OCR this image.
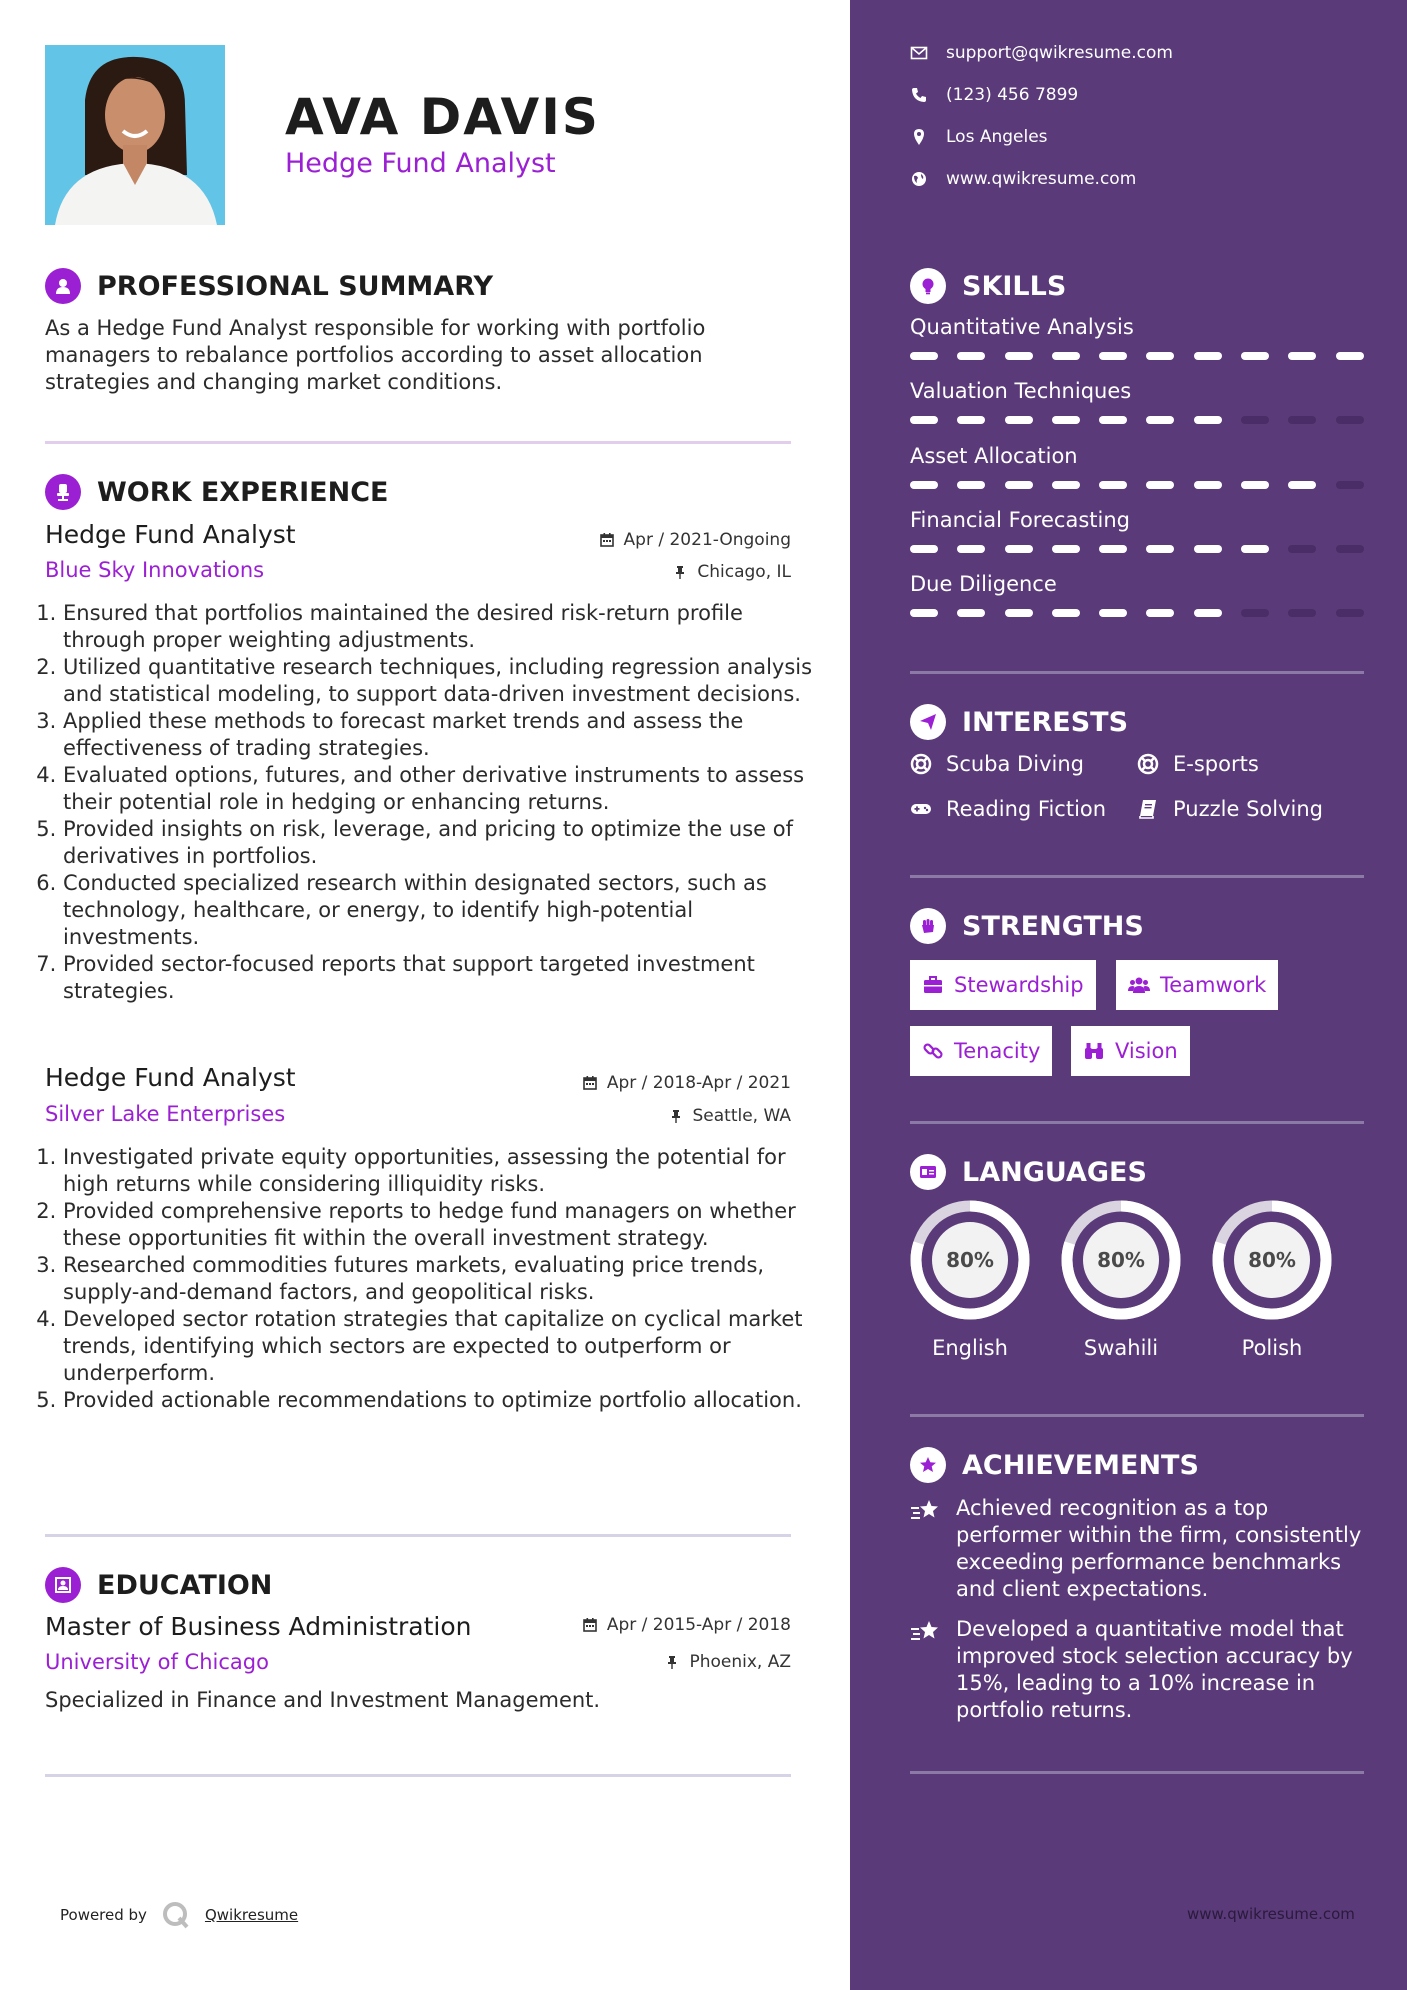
AVA DAVIS
Hedge Fund Analyst
PROFESSIONAL SUMMARY
As a Hedge Fund Analyst responsible for working with portfolio managers to rebalance portfolios according to asset allocation strategies and changing market conditions.
WORK EXPERIENCE
Hedge Fund Analyst	Apr / 2021-Ongoing
Blue Sky Innovations	Chicago, IL
1. Ensured that portfolios maintained the desired risk-return profile through proper weighting adjustments.
2. Utilized quantitative research techniques, including regression analysis and statistical modeling, to support data-driven investment decisions.
3. Applied these methods to forecast market trends and assess the effectiveness of trading strategies.
4. Evaluated options, futures, and other derivative instruments to assess their potential role in hedging or enhancing returns.
5. Provided insights on risk, leverage, and pricing to optimize the use of derivatives in portfolios.
6. Conducted specialized research within designated sectors, such as technology, healthcare, or energy, to identify high-potential investments.
7. Provided sector-focused reports that support targeted investment strategies.
Hedge Fund Analyst	Apr / 2018-Apr / 2021
Silver Lake Enterprises	Seattle, WA
1. Investigated private equity opportunities, assessing the potential for high returns while considering illiquidity risks.
2. Provided comprehensive reports to hedge fund managers on whether these opportunities fit within the overall investment strategy.
3. Researched commodities futures markets, evaluating price trends, supply-and-demand factors, and geopolitical risks.
4. Developed sector rotation strategies that capitalize on cyclical market trends, identifying which sectors are expected to outperform or underperform.
5. Provided actionable recommendations to optimize portfolio allocation.
EDUCATION
Master of Business Administration	Apr / 2015-Apr / 2018
University of Chicago	Phoenix, AZ
Specialized in Finance and Investment Management.
Powered by	Qwikresume
support@qwikresume.com
(123) 456 7899
Los Angeles
www.qwikresume.com
SKILLS
Quantitative Analysis
Valuation Techniques
Asset Allocation
Financial Forecasting
Due Diligence
INTERESTS
Scuba Diving	E-sports
Reading Fiction	Puzzle Solving
STRENGTHS
Stewardship	Teamwork
Tenacity	Vision
LANGUAGES
80%
English
80%
Swahili
80%
Polish
ACHIEVEMENTS
Achieved recognition as a top performer within the firm, consistently exceeding performance benchmarks and client expectations.
Developed a quantitative model that improved stock selection accuracy by 15%, leading to a 10% increase in portfolio returns.
www.qwikresume.com
